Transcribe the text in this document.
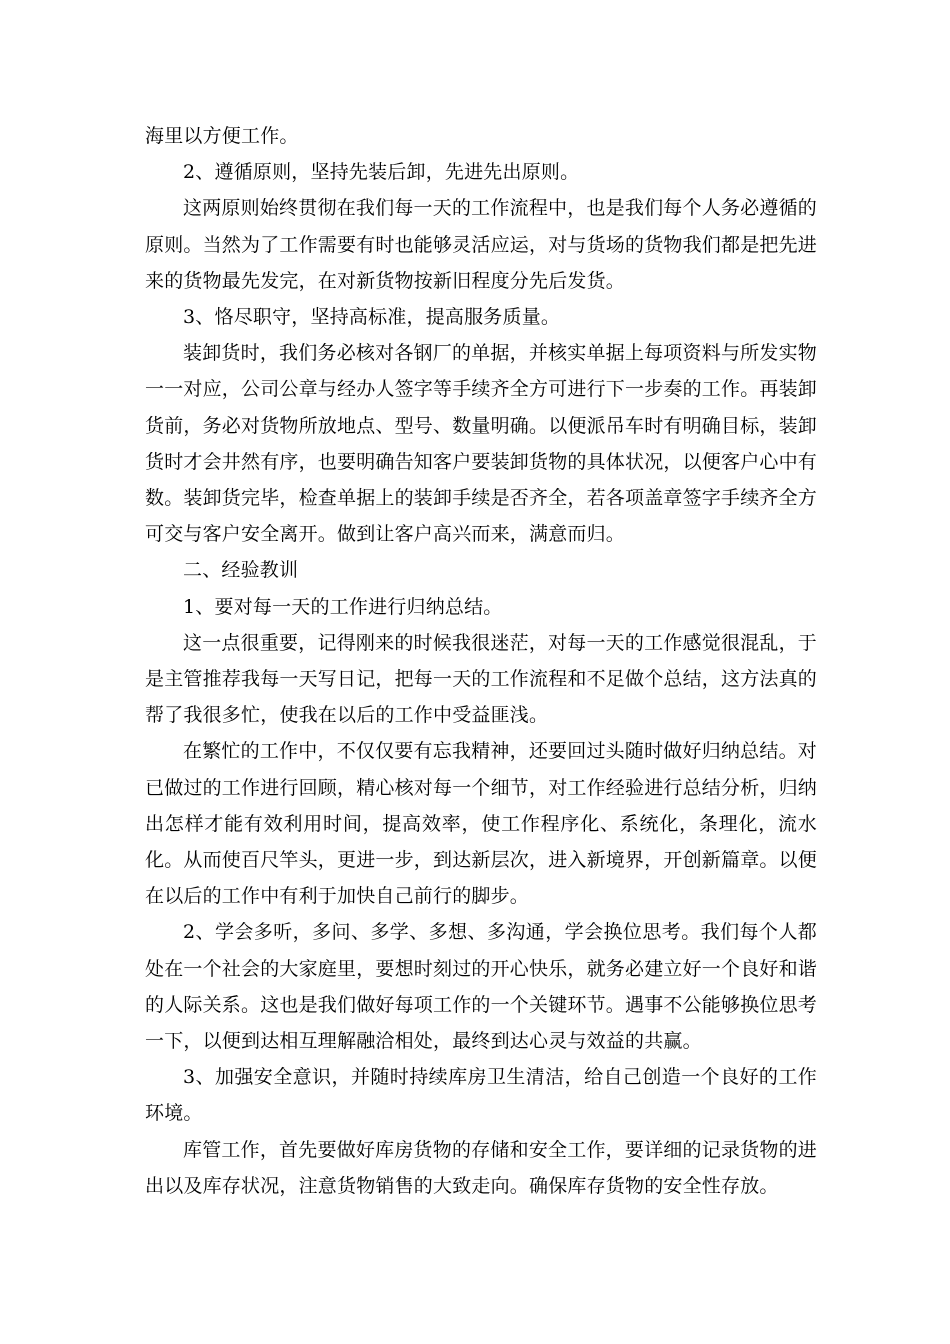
海里以方便工作。

2、遵循原则，坚持先装后卸，先进先出原则。

这两原则始终贯彻在我们每一天的工作流程中，也是我们每个人务必遵循的原则。当然为了工作需要有时也能够灵活应运，对与货场的货物我们都是把先进来的货物最先发完，在对新货物按新旧程度分先后发货。

3、恪尽职守，坚持高标准，提高服务质量。

装卸货时，我们务必核对各钢厂的单据，并核实单据上每项资料与所发实物一一对应，公司公章与经办人签字等手续齐全方可进行下一步奏的工作。再装卸货前，务必对货物所放地点、型号、数量明确。以便派吊车时有明确目标，装卸货时才会井然有序，也要明确告知客户要装卸货物的具体状况，以便客户心中有数。装卸货完毕，检查单据上的装卸手续是否齐全，若各项盖章签字手续齐全方可交与客户安全离开。做到让客户高兴而来，满意而归。

二、经验教训

1、要对每一天的工作进行归纳总结。

这一点很重要，记得刚来的时候我很迷茫，对每一天的工作感觉很混乱，于是主管推荐我每一天写日记，把每一天的工作流程和不足做个总结，这方法真的帮了我很多忙，使我在以后的工作中受益匪浅。

在繁忙的工作中，不仅仅要有忘我精神，还要回过头随时做好归纳总结。对已做过的工作进行回顾，精心核对每一个细节，对工作经验进行总结分析，归纳出怎样才能有效利用时间，提高效率，使工作程序化、系统化，条理化，流水化。从而使百尺竿头，更进一步，到达新层次，进入新境界，开创新篇章。以便在以后的工作中有利于加快自己前行的脚步。

2、学会多听，多问、多学、多想、多沟通，学会换位思考。我们每个人都处在一个社会的大家庭里，要想时刻过的开心快乐，就务必建立好一个良好和谐的人际关系。这也是我们做好每项工作的一个关键环节。遇事不公能够换位思考一下，以便到达相互理解融洽相处，最终到达心灵与效益的共赢。

3、加强安全意识，并随时持续库房卫生清洁，给自己创造一个良好的工作环境。

库管工作，首先要做好库房货物的存储和安全工作，要详细的记录货物的进出以及库存状况，注意货物销售的大致走向。确保库存货物的安全性存放。
